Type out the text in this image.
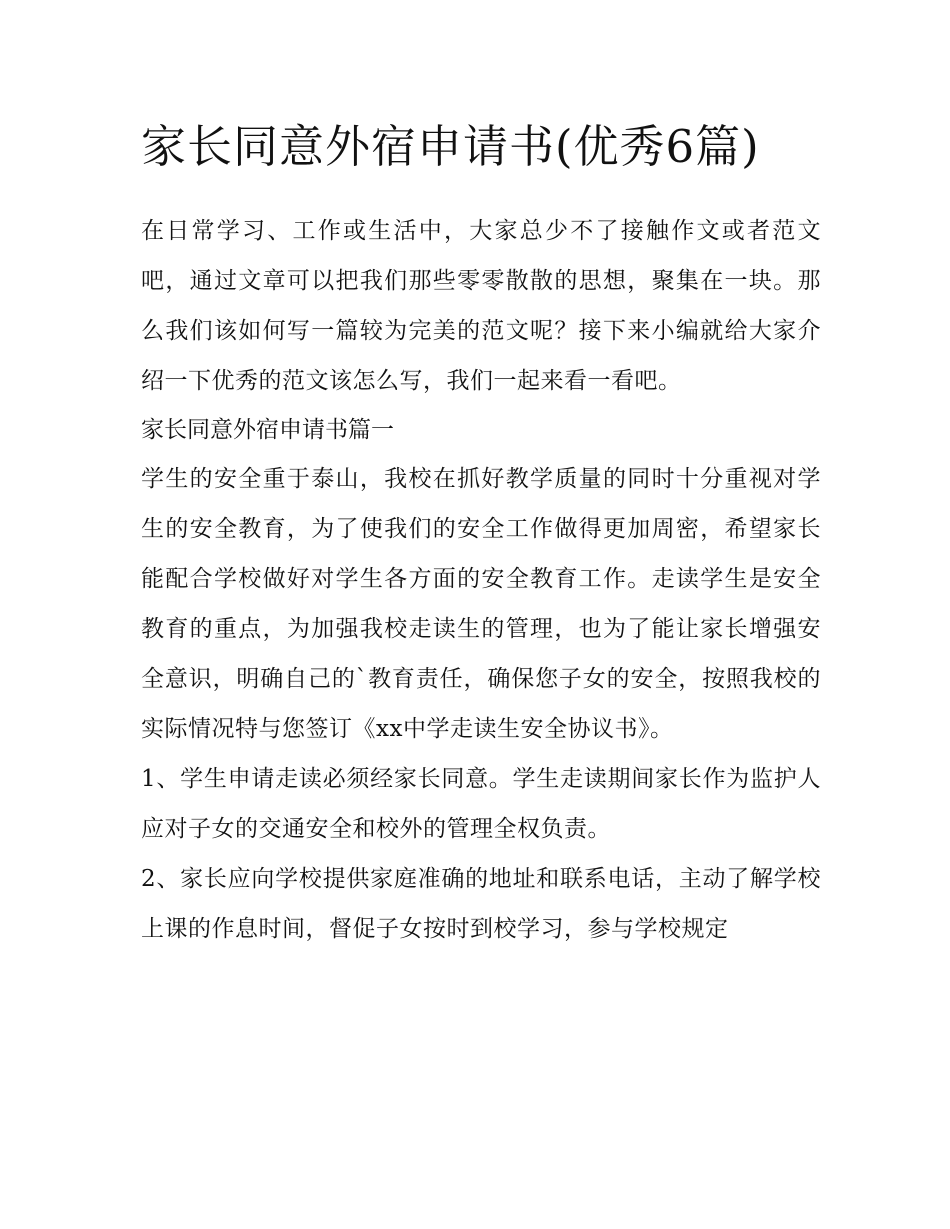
家长同意外宿申请书(优秀6篇)

在日常学习、工作或生活中，大家总少不了接触作文或者范文吧，通过文章可以把我们那些零零散散的思想，聚集在一块。那么我们该如何写一篇较为完美的范文呢？接下来小编就给大家介绍一下优秀的范文该怎么写，我们一起来看一看吧。

家长同意外宿申请书篇一

学生的安全重于泰山，我校在抓好教学质量的同时十分重视对学生的安全教育，为了使我们的安全工作做得更加周密，希望家长能配合学校做好对学生各方面的安全教育工作。走读学生是安全教育的重点，为加强我校走读生的管理，也为了能让家长增强安全意识，明确自己的`教育责任，确保您子女的安全，按照我校的实际情况特与您签订《xx中学走读生安全协议书》。

1、学生申请走读必须经家长同意。学生走读期间家长作为监护人应对子女的交通安全和校外的管理全权负责。

2、家长应向学校提供家庭准确的地址和联系电话，主动了解学校上课的作息时间，督促子女按时到校学习，参与学校规定
